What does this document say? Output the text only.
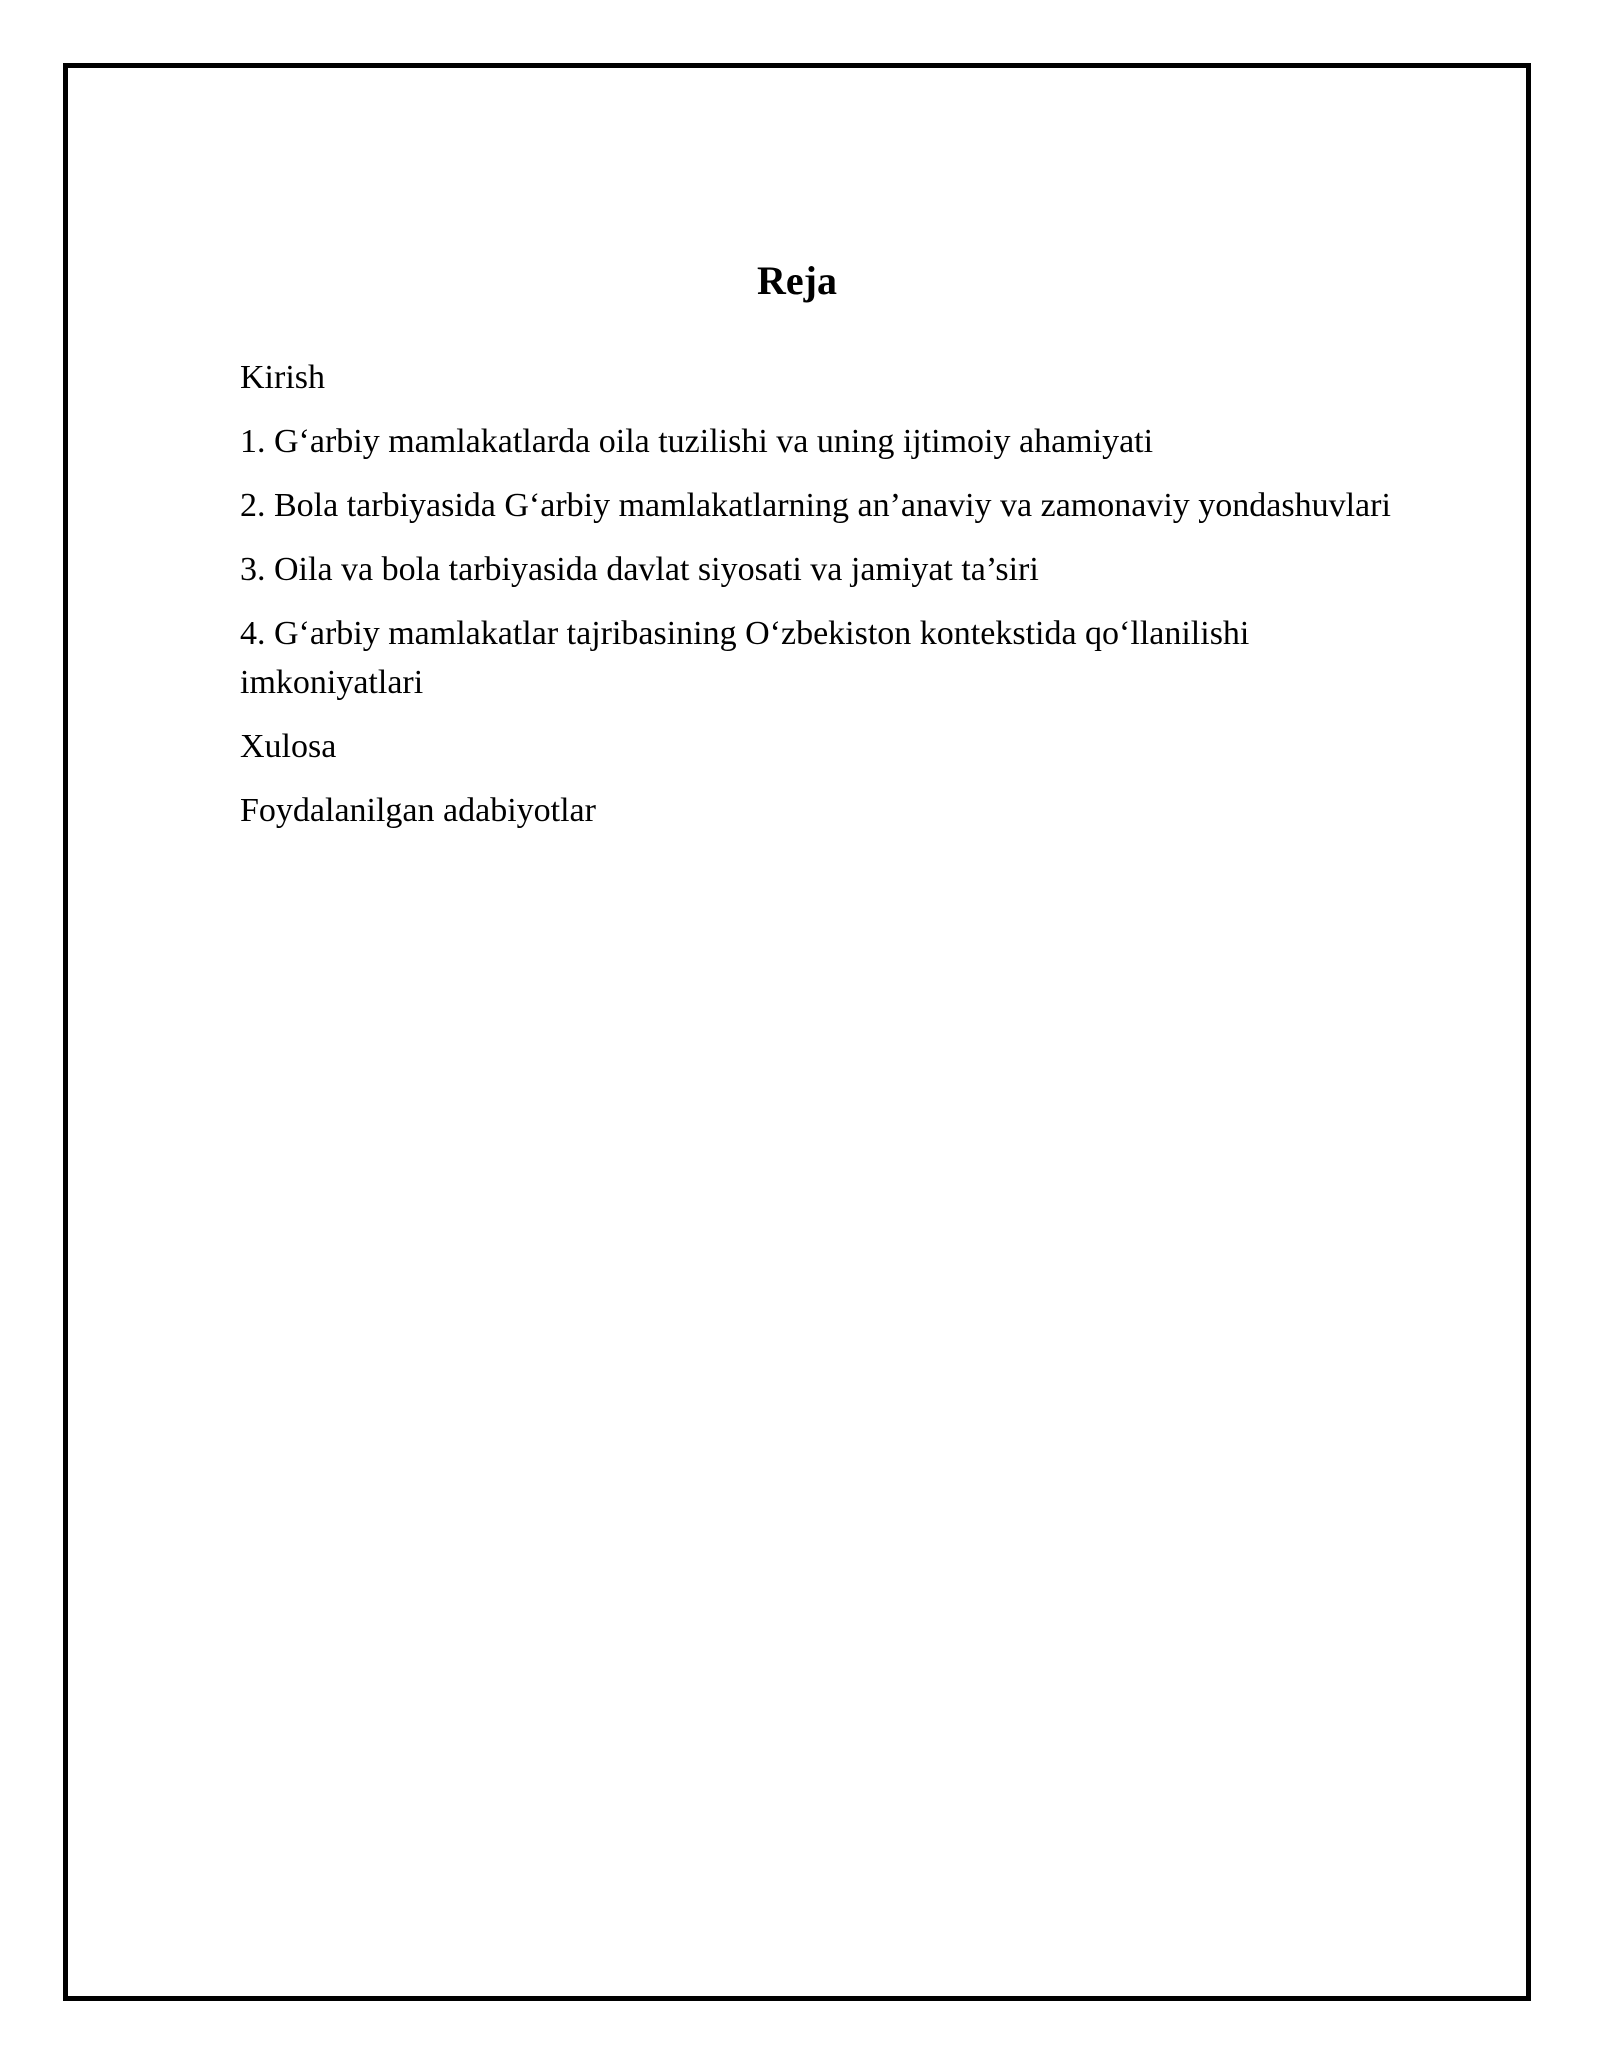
Reja
Kirish
1. G‘arbiy mamlakatlarda oila tuzilishi va uning ijtimoiy ahamiyati
2. Bola tarbiyasida G‘arbiy mamlakatlarning an’anaviy va zamonaviy yondashuvlari
3. Oila va bola tarbiyasida davlat siyosati va jamiyat ta’siri
4. G‘arbiy mamlakatlar tajribasining O‘zbekiston kontekstida qo‘llanilishi imkoniyatlari
Xulosa
Foydalanilgan adabiyotlar
